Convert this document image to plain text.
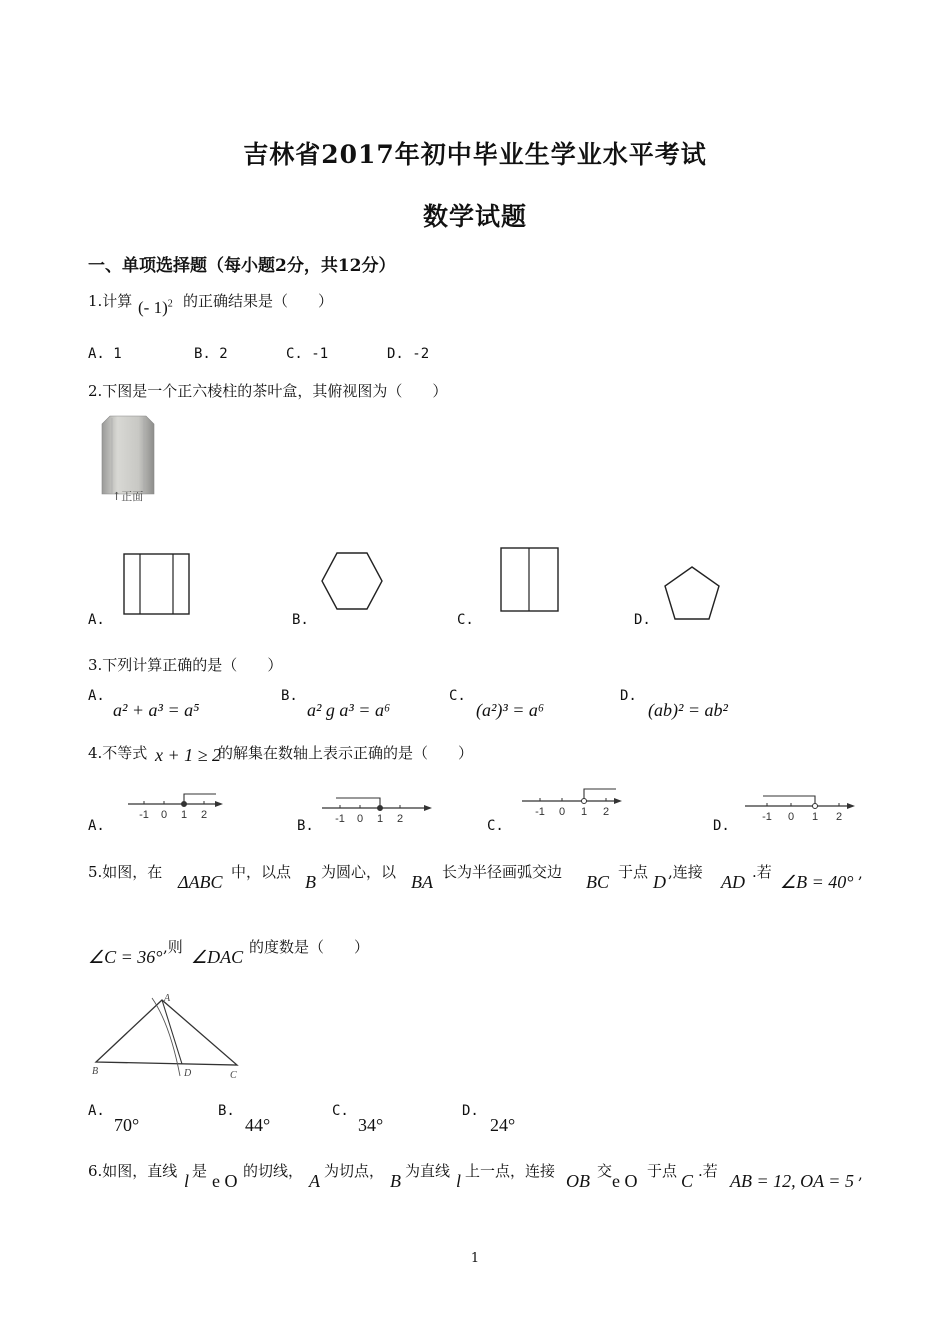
吉林省2017年初中毕业生学业水平考试
数学试题
一、单项选择题（每小题2分，共12分）
1.计算 (- 1)$^2$ 的正确结果是（　　）
A. 1	B. 2	C. -1	D. -2
2.下图是一个正六棱柱的茶叶盒，其俯视图为（　　）
↑正面
A.	B.	C.	D.
3.下列计算正确的是（　　）
A.
a² + a³ = a⁵
B.
a² g a³ = a⁶
C.
(a²)³ = a⁶
D.
(ab)² = ab²
4.不等式 x + 1 ≥ 2
的解集在数轴上表示正确的是（　　）
-1 0 1 2	-1 0 1 2
-1 0 1 2	-1 0 1 2
A.	B.	C.	D.
5.如图，在 ΔABC 中，以点 B 为圆心，以 BA 长为半径画弧交边 BC 于点 D ,连接 AD .若 ∠B = 40° ,
∠C = 36° ,则 ∠DAC 的度数是（　　）
A
B	D	C
A.
70°
B.
44°
C.
34°
D.
24°
6.如图，直线 l 是 e O 的切线， A 为切点， B 为直线 l 上一点，连接 OB 交 e O 于点 C .若 AB = 12, OA = 5 ,
1
